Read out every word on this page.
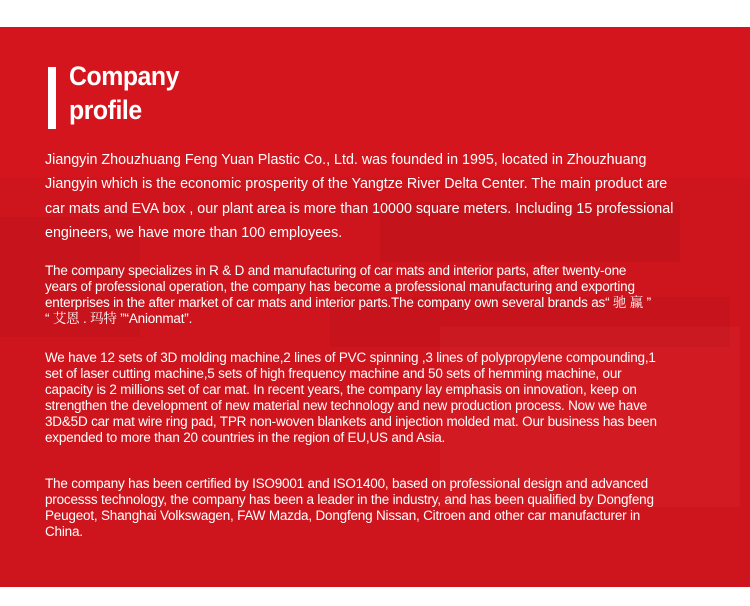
Company
profile

Jiangyin Zhouzhuang Feng Yuan Plastic Co., Ltd. was founded in 1995, located in Zhouzhuang
Jiangyin which is the economic prosperity of the Yangtze River Delta Center. The main product are
car mats and EVA box , our plant area is more than 10000 square meters. Including 15 professional
engineers, we have more than 100 employees.

The company specializes in R & D and manufacturing of car mats and interior parts, after twenty-one
years of professional operation, the company has become a professional manufacturing and exporting
enterprises in the after market of car mats and interior parts.The company own several brands as“ 驰 赢 ”
“ 艾恩 . 玛特 ”“Anionmat”.

We have 12 sets of 3D molding machine,2 lines of PVC spinning ,3 lines of polypropylene compounding,1
set of laser cutting machine,5 sets of high frequency machine and 50 sets of hemming machine, our
capacity is 2 millions set of car mat. In recent years, the company lay emphasis on innovation, keep on
strengthen the development of new material new technology and new production process. Now we have
3D&5D car mat wire ring pad, TPR non-woven blankets and injection molded mat. Our business has been
expended to more than 20 countries in the region of EU,US and Asia.

The company has been certified by ISO9001 and ISO1400, based on professional design and advanced
processs technology, the company has been a leader in the industry, and has been qualified by Dongfeng
Peugeot, Shanghai Volkswagen, FAW Mazda, Dongfeng Nissan, Citroen and other car manufacturer in
China.
